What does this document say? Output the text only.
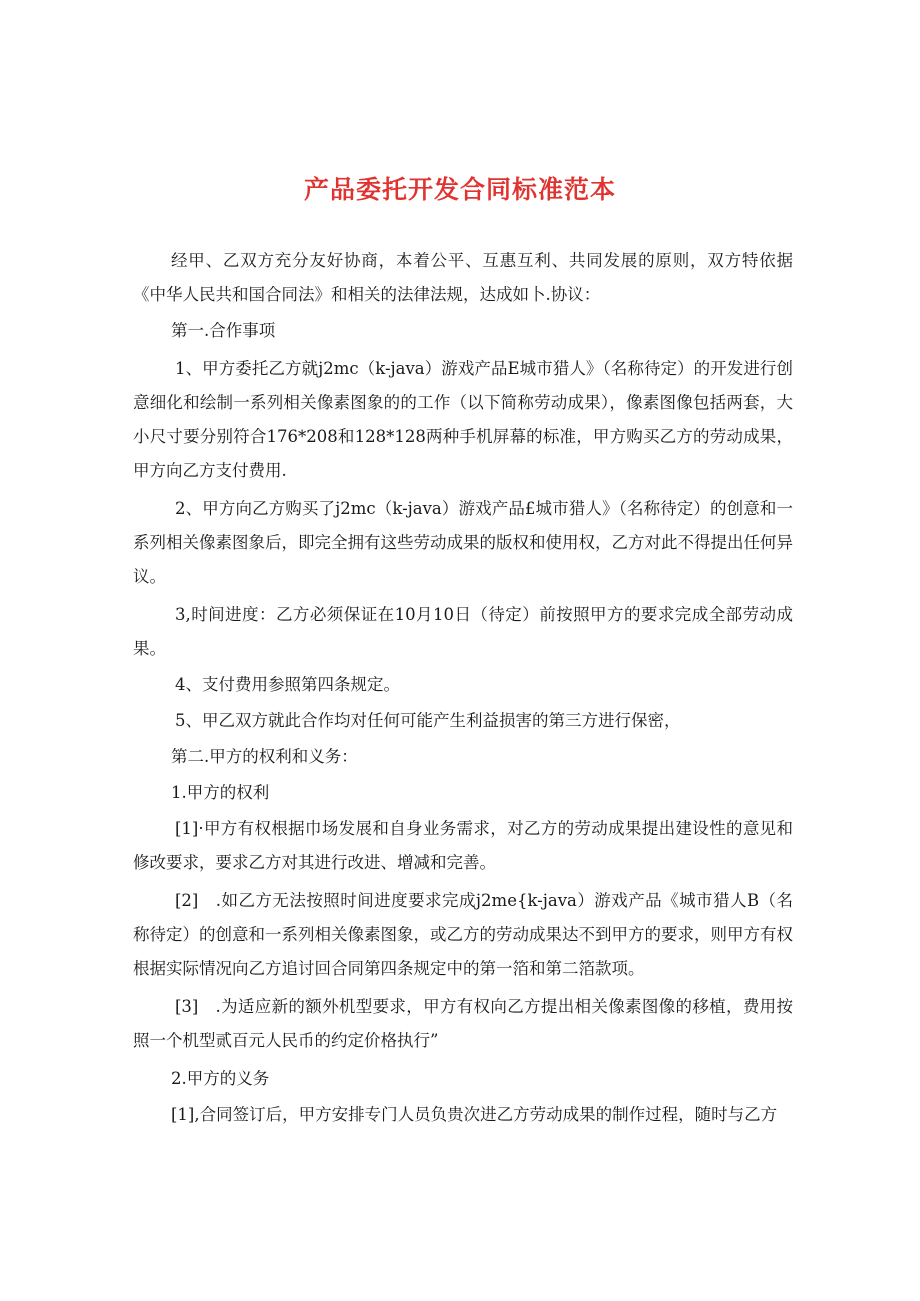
产品委托开发合同标准范本

经甲、乙双方充分友好协商，本着公平、互惠互利、共同发展的原则，双方特依据《中华人民共和国合同法》和相关的法律法规，达成如卜.协议：

第一.合作事项

1、甲方委托乙方就j2mc（k-java）游戏产品E城市猎人》（名称待定）的开发进行创意细化和绘制一系列相关像素图象的的工作（以下简称劳动成果），像素图像包括两套，大小尺寸要分别符合176*208和128*128两种手机屏幕的标准，甲方购买乙方的劳动成果，甲方向乙方支付费用.

2、甲方向乙方购买了j2mc（k-java）游戏产品£城市猎人》（名称待定）的创意和一系列相关像素图象后，即完全拥有这些劳动成果的版权和使用权，乙方对此不得提出任何异议。

3,时间进度：乙方必须保证在10月10日（待定）前按照甲方的要求完成全部劳动成果。

4、支付费用参照第四条规定。

5、甲乙双方就此合作均对任何可能产生利益损害的第三方进行保密，

第二.甲方的权利和义务：

1.甲方的权利

[1]·甲方有权根据巾场发展和自身业务需求，对乙方的劳动成果提出建设性的意见和修改要求，要求乙方对其进行改进、增减和完善。

[2]　.如乙方无法按照时间进度要求完成j2me{k-java）游戏产品《城市猎人B（名称待定）的创意和一系列相关像素图象，或乙方的劳动成果达不到甲方的要求，则甲方有权根据实际情况向乙方追讨回合同第四条规定中的第一箔和第二箔款项。

[3]　.为适应新的额外机型要求，甲方有权向乙方提出相关像素图像的移植，费用按照一个机型贰百元人民币的约定价格执行”

2.甲方的义务

[1],合同签订后，甲方安排专门人员负贵次进乙方劳动成果的制作过程，随时与乙方
